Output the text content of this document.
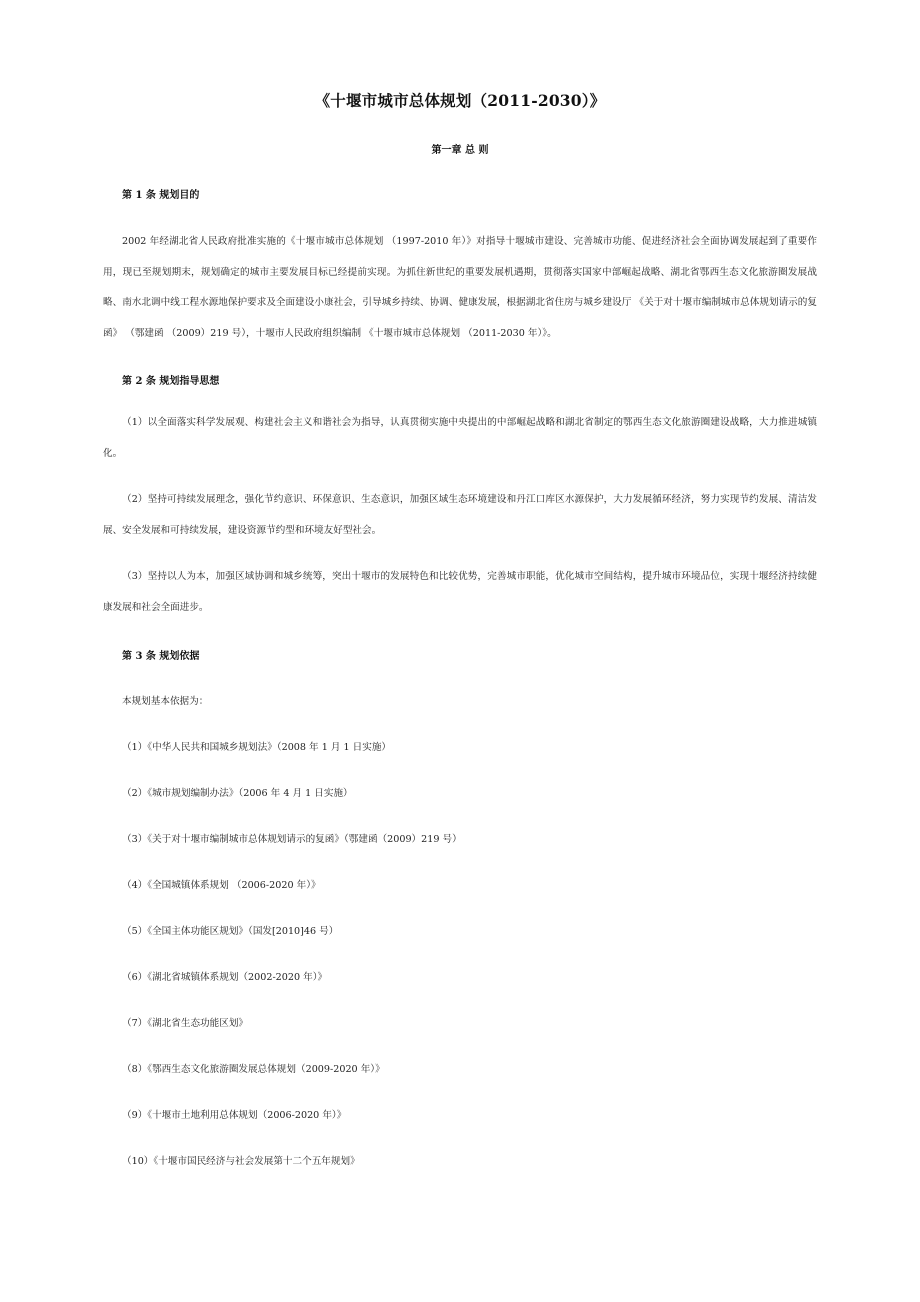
《十堰市城市总体规划（2011-2030）》
第一章 总 则
第 1 条 规划目的

2002 年经湖北省人民政府批准实施的《十堰市城市总体规划 （1997-2010 年）》对指导十堰城市建设、完善城市功能、促进经济社会全面协调发展起到了重要作用，现已至规划期末，规划确定的城市主要发展目标已经提前实现。为抓住新世纪的重要发展机遇期，贯彻落实国家中部崛起战略、湖北省鄂西生态文化旅游圈发展战略、南水北调中线工程水源地保护要求及全面建设小康社会，引导城乡持续、协调、健康发展，根据湖北省住房与城乡建设厅 《关于对十堰市编制城市总体规划请示的复函》 （鄂建函 （2009）219 号），十堰市人民政府组织编制 《十堰市城市总体规划 （2011-2030 年）》。

第 2 条 规划指导思想

（1）以全面落实科学发展观、构建社会主义和谐社会为指导，认真贯彻实施中央提出的中部崛起战略和湖北省制定的鄂西生态文化旅游圈建设战略，大力推进城镇化。

（2）坚持可持续发展理念，强化节约意识、环保意识、生态意识，加强区域生态环境建设和丹江口库区水源保护，大力发展循环经济，努力实现节约发展、清洁发展、安全发展和可持续发展，建设资源节约型和环境友好型社会。

（3）坚持以人为本，加强区域协调和城乡统筹，突出十堰市的发展特色和比较优势，完善城市职能，优化城市空间结构，提升城市环境品位，实现十堰经济持续健康发展和社会全面进步。

第 3 条 规划依据
本规划基本依据为：
（1）《中华人民共和国城乡规划法》（2008 年 1 月 1 日实施）
（2）《城市规划编制办法》（2006 年 4 月 1 日实施）
（3）《关于对十堰市编制城市总体规划请示的复函》（鄂建函（2009）219 号）
（4）《全国城镇体系规划 （2006-2020 年）》
（5）《全国主体功能区规划》（国发[2010]46 号）
（6）《湖北省城镇体系规划（2002-2020 年）》
（7）《湖北省生态功能区划》
（8）《鄂西生态文化旅游圈发展总体规划（2009-2020 年）》
（9）《十堰市土地利用总体规划（2006-2020 年）》
（10）《十堰市国民经济与社会发展第十二个五年规划》
